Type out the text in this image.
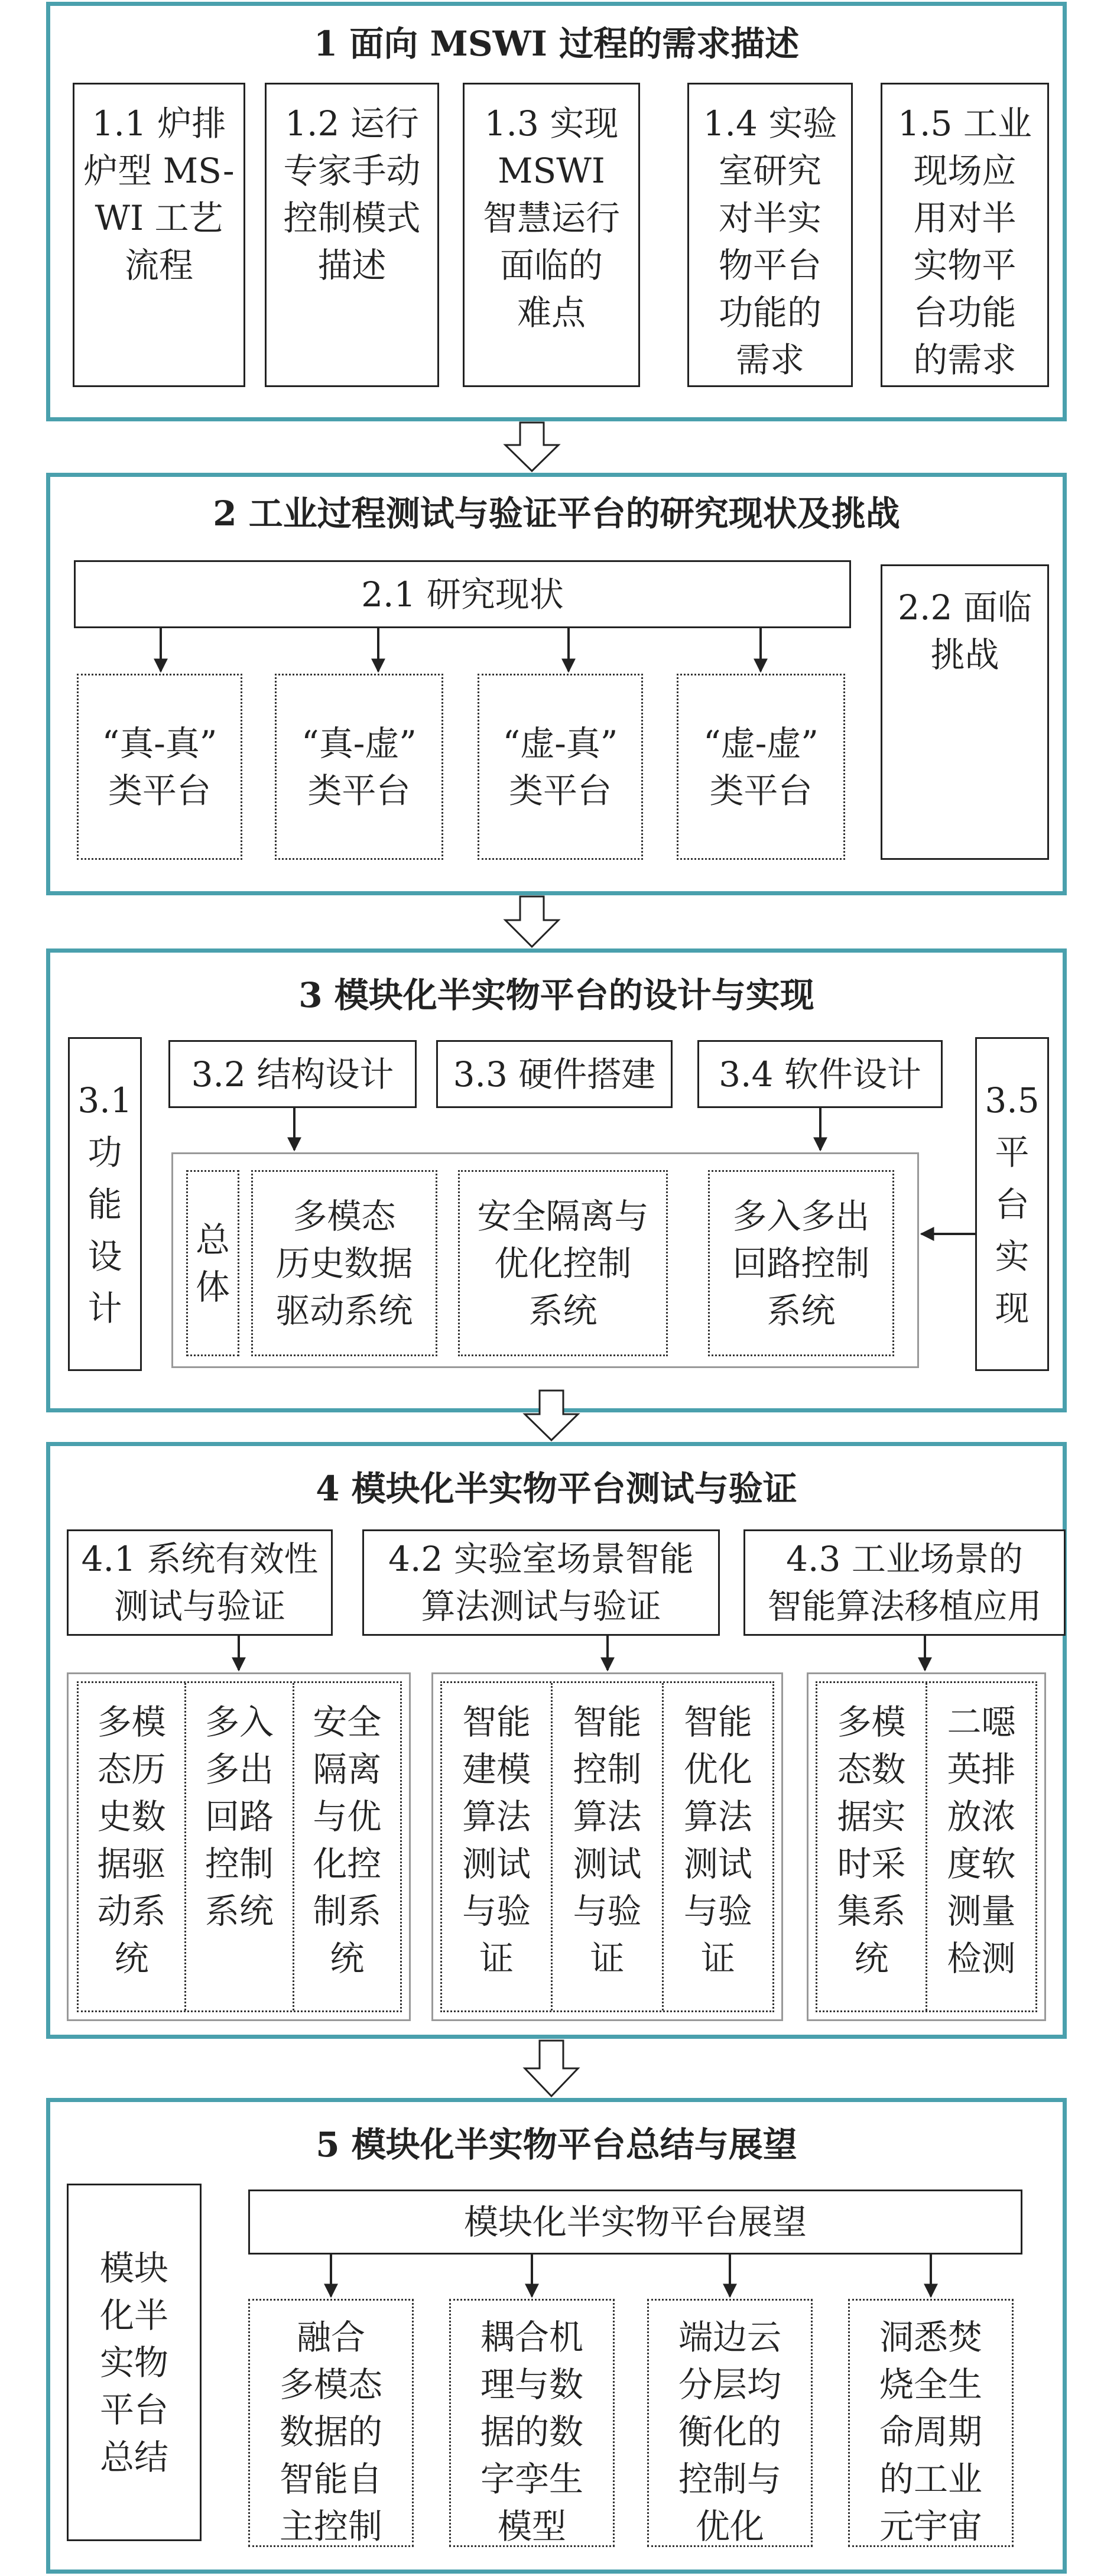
1 面向 MSWI 过程的需求描述
1.1 炉排
炉型 MS-
WI 工艺
流程
1.2 运行
专家手动
控制模式
描述
1.3 实现
MSWI
智慧运行
面临的
难点
1.4 实验
室研究
对半实
物平台
功能的
需求
1.5 工业
现场应
用对半
实物平
台功能
的需求
2 工业过程测试与验证平台的研究现状及挑战
2.1 研究现状
“真-真”
类平台
“真-虚”
类平台
“虚-真”
类平台
“虚-虚”
类平台
2.2 面临
挑战
3 模块化半实物平台的设计与实现
3.1
功
能
设
计
3.2 结构设计	3.3 硬件搭建	3.4 软件设计
3.5
平
台
实
现
总
体
多模态
历史数据
驱动系统
安全隔离与
优化控制
系统
多入多出
回路控制
系统
4 模块化半实物平台测试与验证
4.1 系统有效性
测试与验证
4.2 实验室场景智能
算法测试与验证
4.3 工业场景的
智能算法移植应用
多模
态历
史数
据驱
动系
统
多入
多出
回路
控制
系统
安全
隔离
与优
化控
制系
统
智能
建模
算法
测试
与验
证
智能
控制
算法
测试
与验
证
智能
优化
算法
测试
与验
证
多模
态数
据实
时采
集系
统
二噁
英排
放浓
度软
测量
检测
5 模块化半实物平台总结与展望
模块
化半
实物
平台
总结
模块化半实物平台展望
融合
多模态
数据的
智能自
主控制
耦合机
理与数
据的数
字孪生
模型
端边云
分层均
衡化的
控制与
优化
洞悉焚
烧全生
命周期
的工业
元宇宙
